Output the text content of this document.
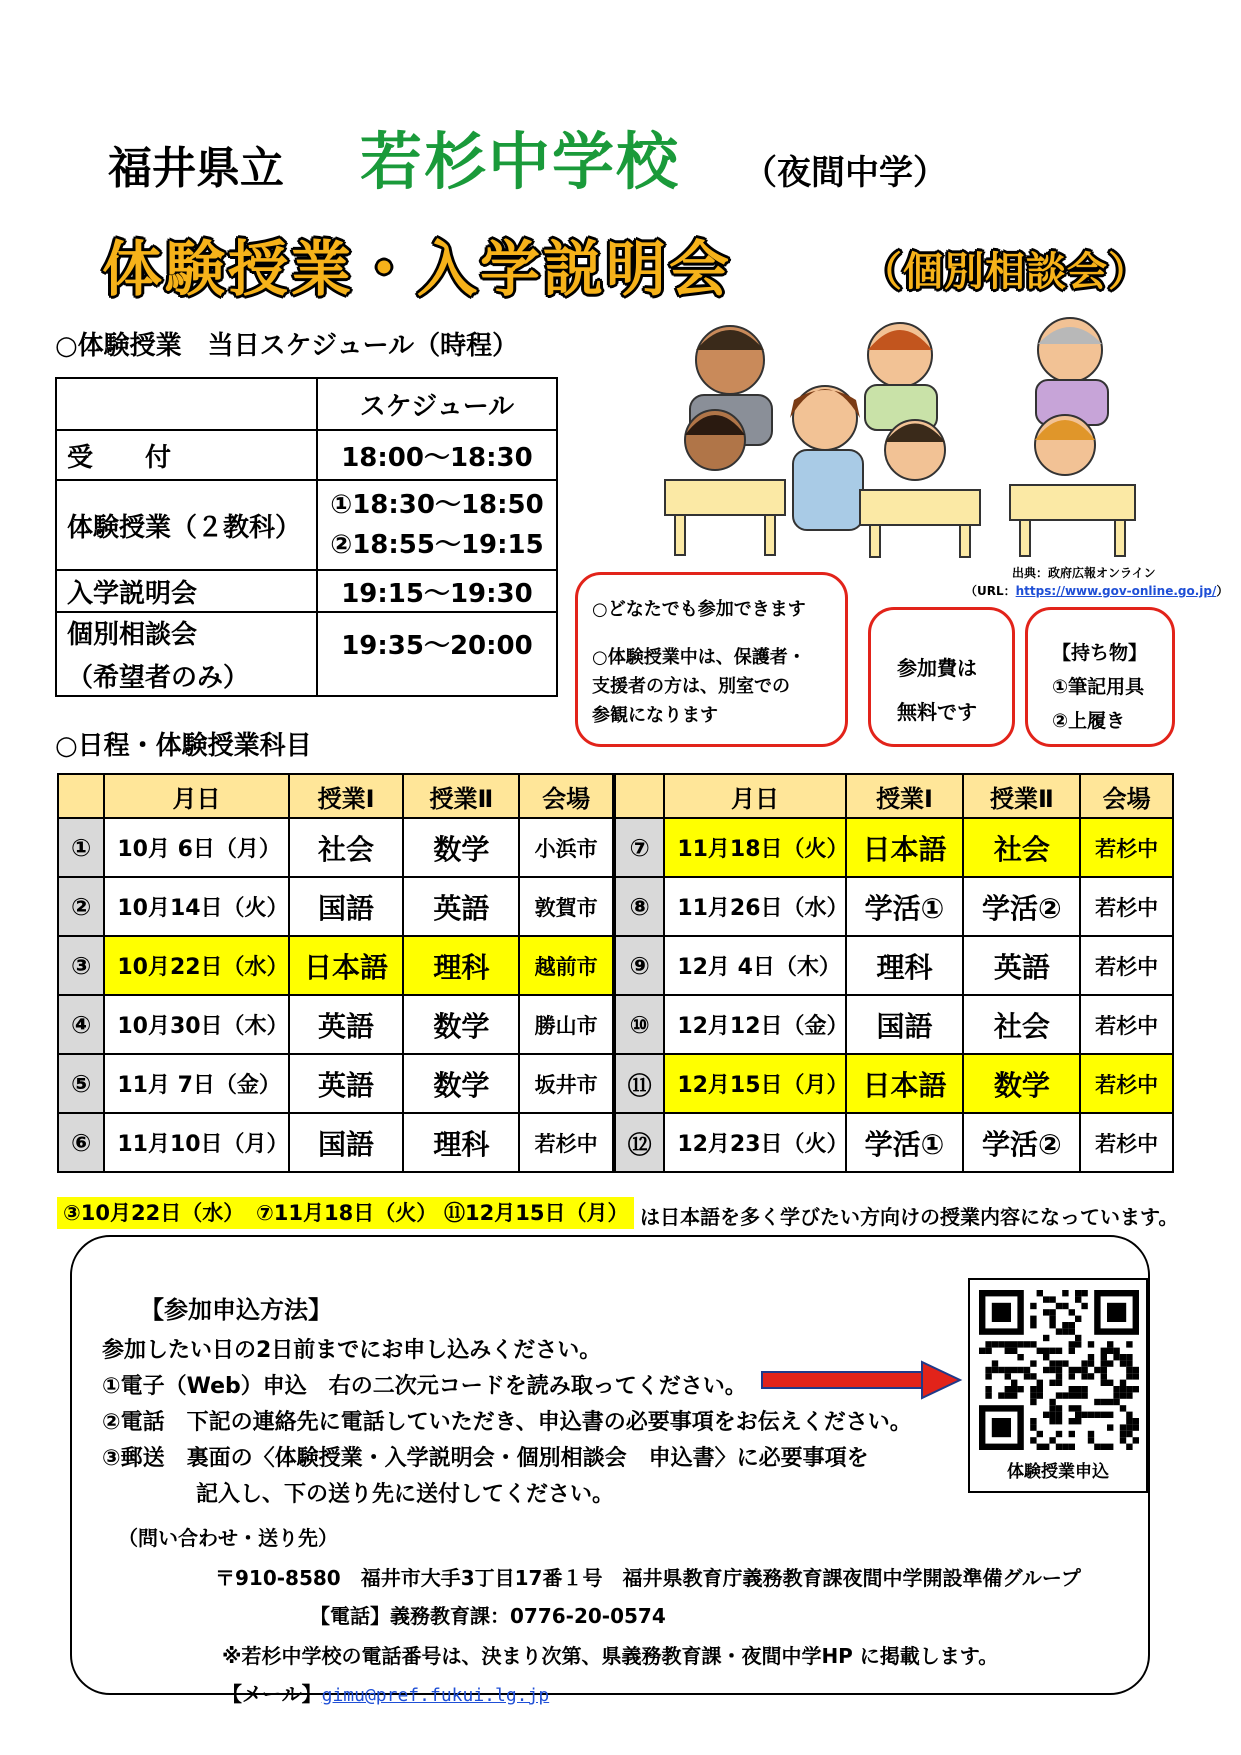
福井県立 若杉中学校 （夜間中学）
体験授業・入学説明会	（個別相談会）
○体験授業　当日スケジュール（時程）
	スケジュール
受　　付	18:00～18:30
体験授業（２教科）	①18:30～18:50
②18:55～19:15

入学説明会	19:15～19:30

個別相談会
（希望者のみ）	19:35～20:00
出典：政府広報オンライン
（URL：https://www.gov-online.go.jp/）
○どなたでも参加できます
○体験授業中は、保護者・
支援者の方は、別室での
参観になります
参加費は
無料です
【持ち物】
①筆記用具
②上履き
○日程・体験授業科目
	月日	授業Ⅰ	授業Ⅱ	会場		月日	授業Ⅰ	授業Ⅱ	会場
①	10月 6日（月）	社会	数学	小浜市	⑦	11月18日（火）	日本語	社会	若杉中
②	10月14日（火）	国語	英語	敦賀市	⑧	11月26日（水）	学活①	学活②	若杉中
③	10月22日（水）	日本語	理科	越前市	⑨	12月 4日（木）	理科	英語	若杉中
④	10月30日（木）	英語	数学	勝山市	⑩	12月12日（金）	国語	社会	若杉中
⑤	11月 7日（金）	英語	数学	坂井市	⑪	12月15日（月）	日本語	数学	若杉中
⑥	11月10日（月）	国語	理科	若杉中	⑫	12月23日（火）	学活①	学活②	若杉中
③10月22日（水） ⑦11月18日（火） ⑪12月15日（月） は日本語を多く学びたい方向けの授業内容になっています。
【参加申込方法】
参加したい日の2日前までにお申し込みください。
①電子（Web）申込　右の二次元コードを読み取ってください。
②電話　下記の連絡先に電話していただき、申込書の必要事項をお伝えください。
③郵送　裏面の〈体験授業・入学説明会・個別相談会　申込書〉に必要事項を
記入し、下の送り先に送付してください。
体験授業申込
（問い合わせ・送り先）
〒910-8580　福井市大手3丁目17番１号　福井県教育庁義務教育課夜間中学開設準備グループ
【電話】義務教育課：0776-20-0574
※若杉中学校の電話番号は、決まり次第、県義務教育課・夜間中学HP に掲載します。
【メール】gimu@pref.fukui.lg.jp
